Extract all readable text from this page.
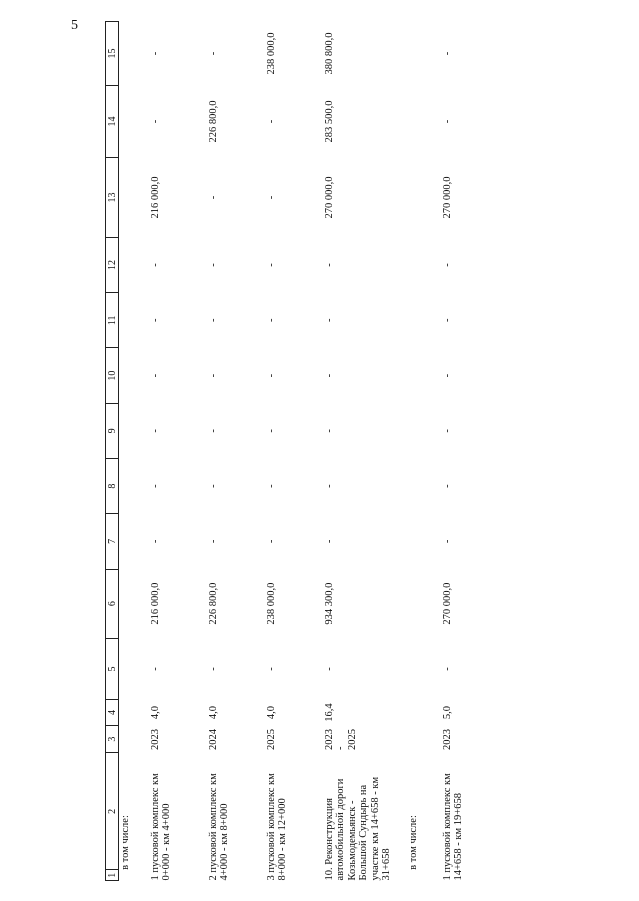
5
1	2	3	4	5	6	7	8	9	10	11	12	13	14	15
	в том числе:													
1 пусковой комплекс км 0+000 - км 4+000		2023	4,0	-	216 000,0	-	-	-	-	-	-	216 000,0	-	-
2 пусковой комплекс км 4+000 - км 8+000		2024	4,0	-	226 800,0	-	-	-	-	-	-	-	226 800,0	-
3 пусковой комплекс км 8+000 - км 12+000		2025	4,0	-	238 000,0	-	-	-	-	-	-	-	-	238 000,0
10. Реконструкция автомобильной дороги Козьмодемьянск - Большой Сундырь на участке км 14+658 - км 31+658		2023 - 2025	16,4	-	934 300,0	-	-	-	-	-	-	270 000,0	283 500,0	380 800,0
	в том числе:													
1 пусковой комплекс км 14+658 - км 19+658		2023	5,0	-	270 000,0	-	-	-	-	-	-	270 000,0	-	-
